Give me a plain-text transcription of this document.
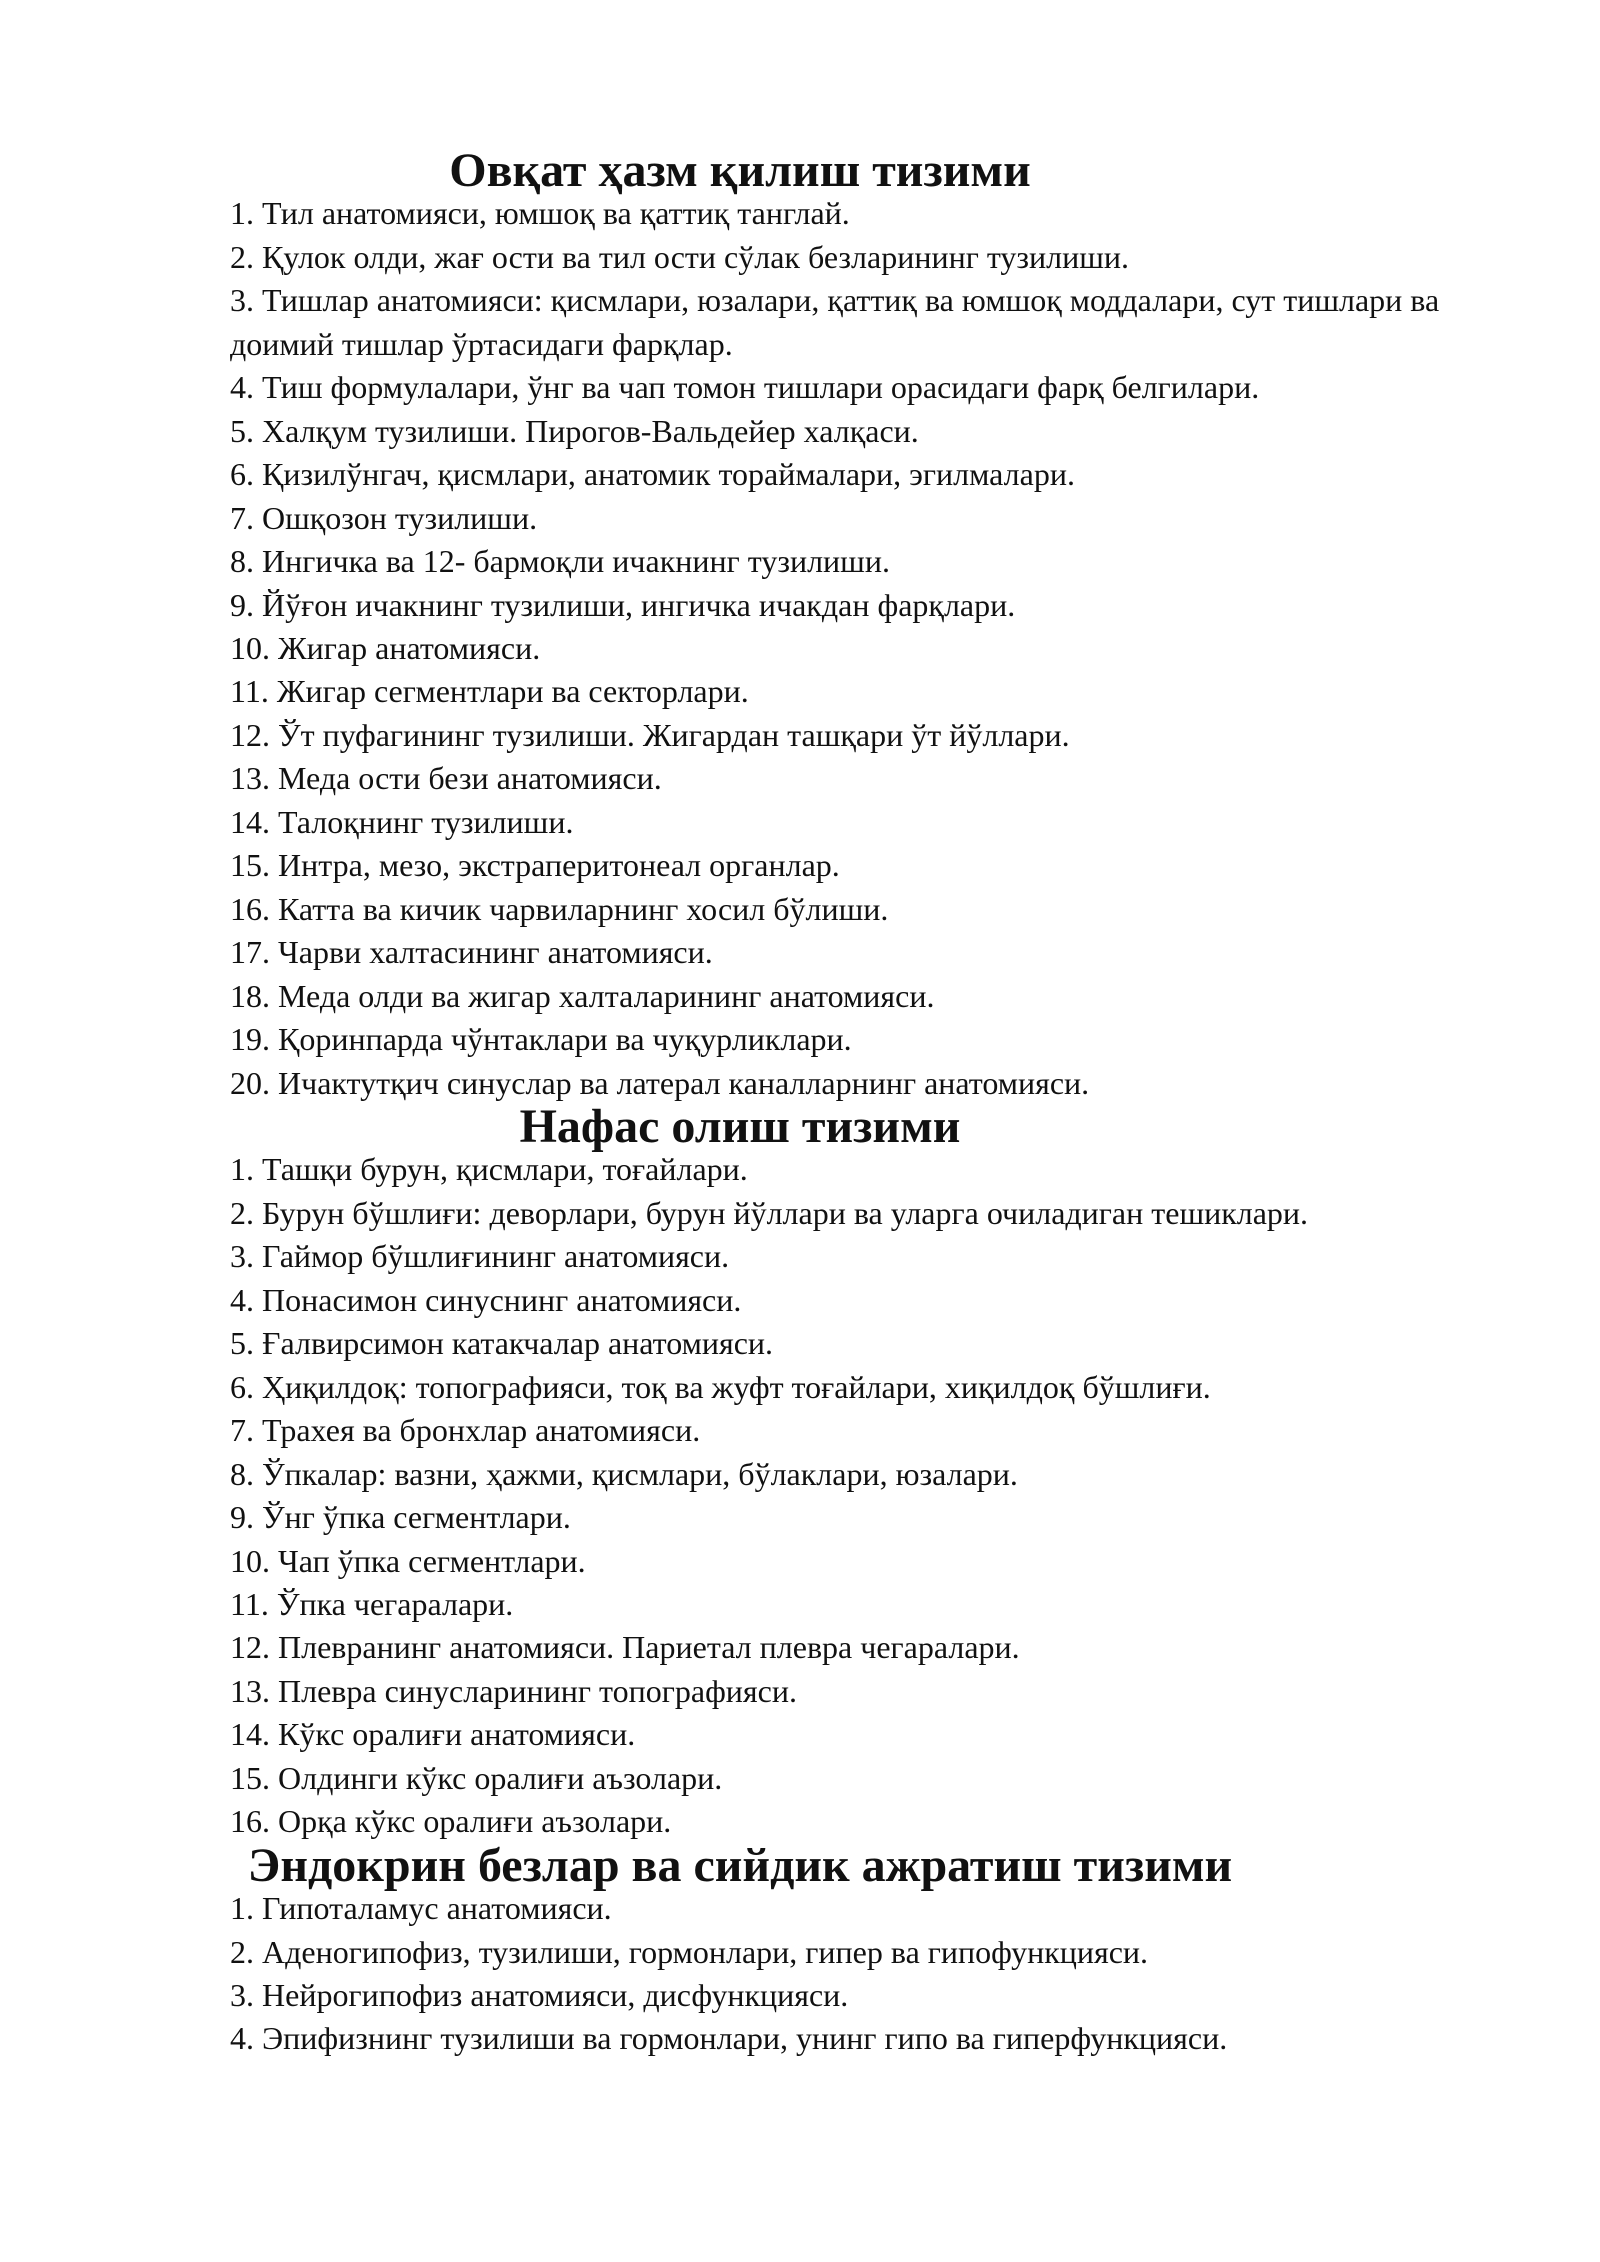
Овқат ҳазм қилиш тизими
1. Тил анатомияси, юмшоқ ва қаттиқ танглай.
2. Қулок олди, жағ ости ва тил ости сўлак безларининг тузилиши.
3. Тишлар анатомияси: қисмлари, юзалари, қаттиқ ва юмшоқ моддалари, сут тишлари ва доимий тишлар ўртасидаги фарқлар.
4. Тиш формулалари, ўнг ва чап томон тишлари орасидаги фарқ белгилари.
5. Халқум тузилиши. Пирогов-Вальдейер халқаси.
6. Қизилўнгач, қисмлари, анатомик тораймалари, эгилмалари.
7. Ошқозон тузилиши.
8. Ингичка ва 12- бармоқли ичакнинг тузилиши.
9. Йўғон ичакнинг тузилиши, ингичка ичакдан фарқлари.
10. Жигар анатомияси.
11. Жигар сегментлари ва секторлари.
12. Ўт пуфагининг тузилиши. Жигардан ташқари ўт йўллари.
13. Меда ости бези анатомияси.
14. Талоқнинг тузилиши.
15. Интра, мезо, экстраперитонеал органлар.
16. Катта ва кичик чарвиларнинг хосил бўлиши.
17. Чарви халтасининг анатомияси.
18. Меда олди ва жигар халталарининг анатомияси.
19. Қоринпарда чўнтаклари ва чуқурликлари.
20. Ичактутқич синуслар ва латерал каналларнинг анатомияси.
Нафас олиш тизими
1. Ташқи бурун, қисмлари, тоғайлари.
2. Бурун бўшлиғи: деворлари, бурун йўллари ва уларга очиладиган тешиклари.
3. Гаймор бўшлиғининг анатомияси.
4. Понасимон синуснинг анатомияси.
5. Ғалвирсимон катакчалар анатомияси.
6. Ҳиқилдоқ: топографияси, тоқ ва жуфт тоғайлари, хиқилдоқ бўшлиғи.
7. Трахея ва бронхлар анатомияси.
8. Ўпкалар: вазни, ҳажми, қисмлари, бўлаклари, юзалари.
9. Ўнг ўпка сегментлари.
10. Чап ўпка сегментлари.
11. Ўпка чегаралари.
12. Плевранинг анатомияси. Париетал плевра чегаралари.
13. Плевра синусларининг топографияси.
14. Кўкс оралиғи анатомияси.
15. Олдинги кўкс оралиғи аъзолари.
16. Орқа кўкс оралиғи аъзолари.
Эндокрин безлар ва сийдик ажратиш тизими
1. Гипоталамус анатомияси.
2. Аденогипофиз, тузилиши, гормонлари, гипер ва гипофункцияси.
3. Нейрогипофиз анатомияси, дисфункцияси.
4. Эпифизнинг тузилиши ва гормонлари, унинг гипо ва гиперфункцияси.
